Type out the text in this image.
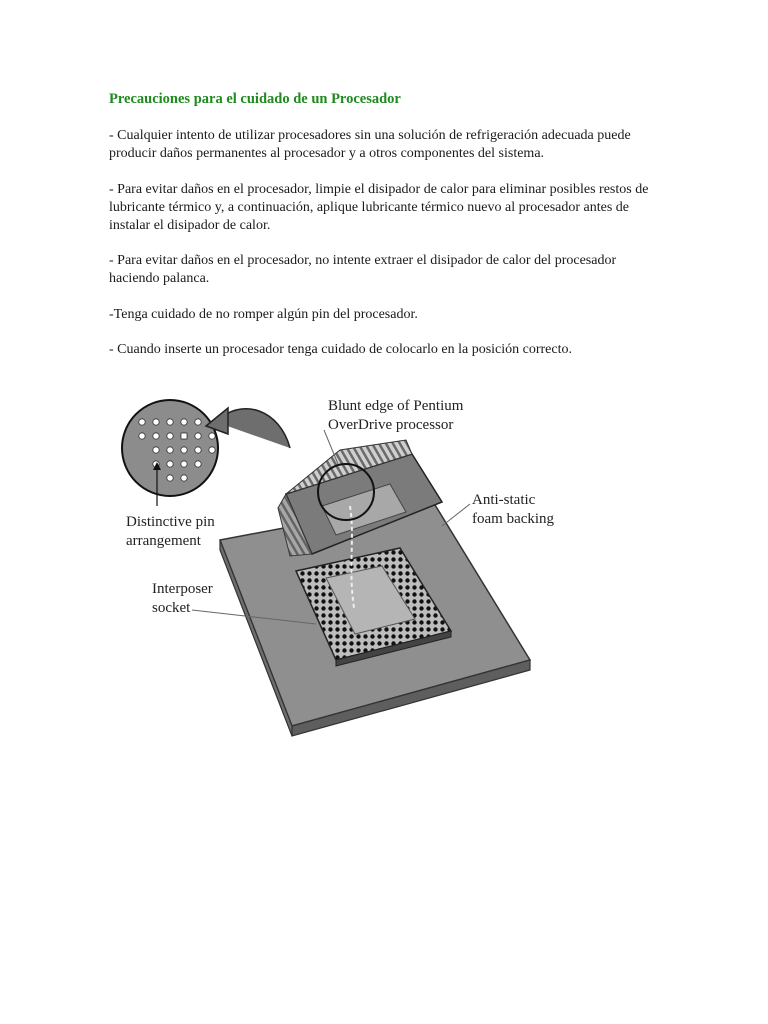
Precauciones para el cuidado de un Procesador

- Cualquier intento de utilizar procesadores sin una solución de refrigeración adecuada puede producir daños permanentes al procesador y a otros componentes del sistema.

- Para evitar daños en el procesador, limpie el disipador de calor para eliminar posibles restos de lubricante térmico y, a continuación, aplique lubricante térmico nuevo al procesador antes de instalar el disipador de calor.

- Para evitar daños en el procesador, no intente extraer el disipador de calor del procesador haciendo palanca.

-Tenga cuidado de no romper algún pin del procesador.

- Cuando inserte un procesador tenga cuidado de colocarlo en la posición correcto.

Blunt edge of Pentium
OverDrive processor
Anti-static
foam backing
Distinctive pin
arrangement
Interposer
socket
